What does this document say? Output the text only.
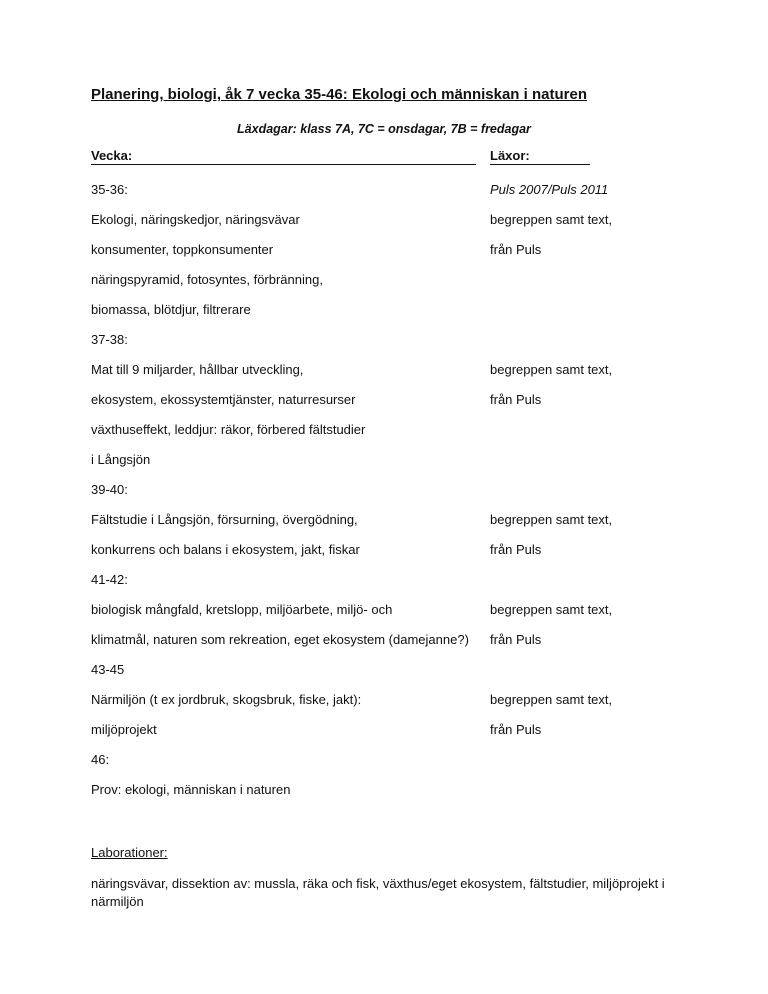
Planering, biologi, åk 7 vecka 35-46: Ekologi och människan i naturen
Läxdagar: klass 7A, 7C = onsdagar, 7B = fredagar
Vecka:	Läxor:
35-36:	Puls 2007/Puls 2011
Ekologi, näringskedjor, näringsvävar	begreppen samt text,
konsumenter, toppkonsumenter	från Puls
näringspyramid, fotosyntes, förbränning,
biomassa, blötdjur, filtrerare
37-38:
Mat till 9 miljarder, hållbar utveckling,	begreppen samt text,
ekosystem, ekossystemtjänster, naturresurser	från Puls
växthuseffekt, leddjur: räkor, förbered fältstudier
i Långsjön
39-40:
Fältstudie i Långsjön, försurning, övergödning,	begreppen samt text,
konkurrens och balans i ekosystem, jakt, fiskar	från Puls
41-42:
biologisk mångfald, kretslopp, miljöarbete, miljö- och	begreppen samt text,
klimatmål, naturen som rekreation, eget ekosystem (damejanne?) från Puls
43-45
Närmiljön (t ex jordbruk, skogsbruk, fiske, jakt):	begreppen samt text,
miljöprojekt	från Puls
46:
Prov: ekologi, människan i naturen
Laborationer:
näringsvävar, dissektion av: mussla, räka och fisk, växthus/eget ekosystem, fältstudier, miljöprojekt i närmiljön
